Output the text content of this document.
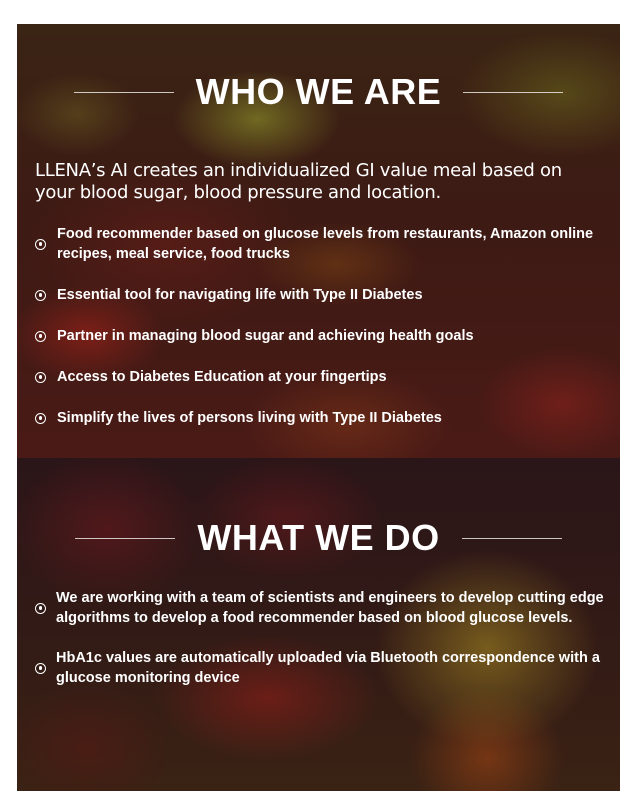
WHO WE ARE

LLENA’s AI creates an individualized GI value meal based on your blood sugar, blood pressure and location.

Food recommender based on glucose levels from restaurants, Amazon online recipes, meal service, food trucks
Essential tool for navigating life with Type II Diabetes
Partner in managing blood sugar and achieving health goals
Access to Diabetes Education at your fingertips
Simplify the lives of persons living with Type II Diabetes
WHAT WE DO
We are working with a team of scientists and engineers to develop cutting edge algorithms to develop a food recommender based on blood glucose levels.
HbA1c values are automatically uploaded via Bluetooth correspondence with a glucose monitoring device
